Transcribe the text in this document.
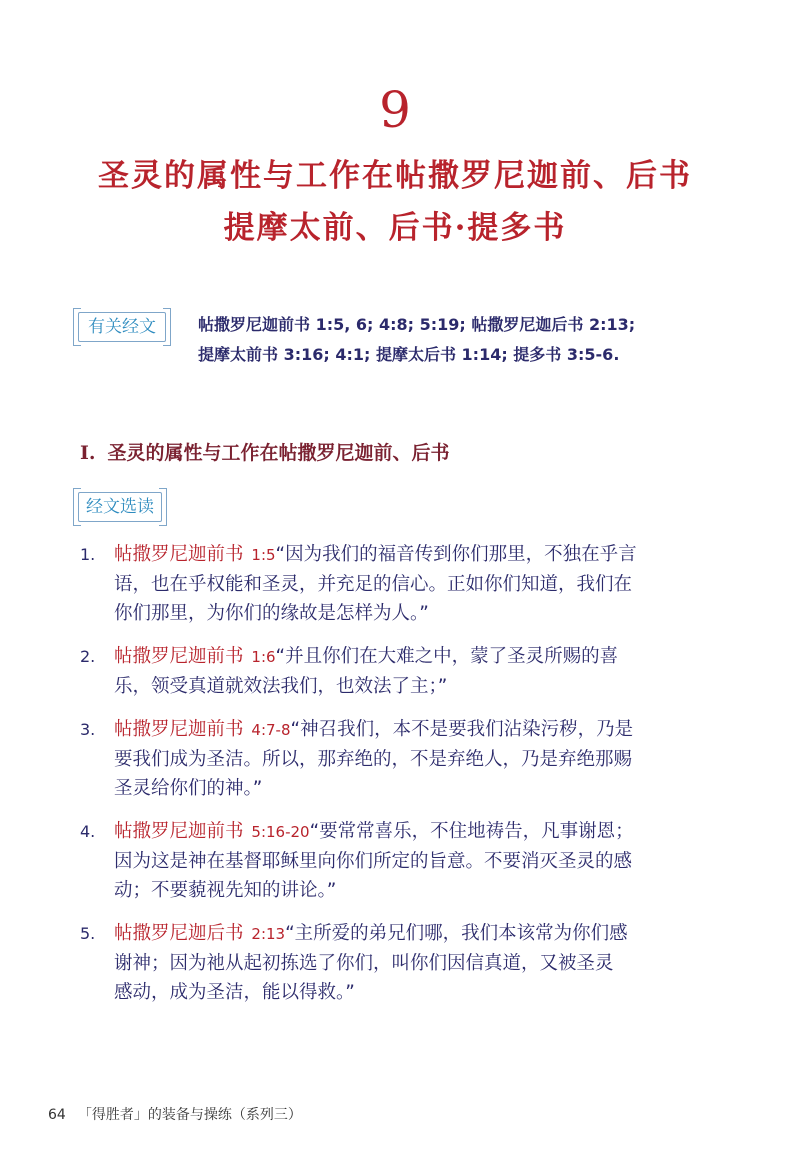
9
圣灵的属性与工作在帖撒罗尼迦前、后书
提摩太前、后书·提多书
有关经文	帖撒罗尼迦前书 1:5, 6; 4:8; 5:19; 帖撒罗尼迦后书 2:13;
提摩太前书 3:16; 4:1; 提摩太后书 1:14; 提多书 3:5-6.
I. 圣灵的属性与工作在帖撒罗尼迦前、后书
经文选读
1. 帖撒罗尼迦前书 1:5“因为我们的福音传到你们那里，不独在乎言
语，也在乎权能和圣灵，并充足的信心。正如你们知道，我们在
你们那里，为你们的缘故是怎样为人。”
2. 帖撒罗尼迦前书 1:6“并且你们在大难之中，蒙了圣灵所赐的喜
乐，领受真道就效法我们，也效法了主；”
3. 帖撒罗尼迦前书 4:7-8“神召我们，本不是要我们沾染污秽，乃是
要我们成为圣洁。所以，那弃绝的，不是弃绝人，乃是弃绝那赐
圣灵给你们的神。”
4. 帖撒罗尼迦前书 5:16-20“要常常喜乐，不住地祷告，凡事谢恩；
因为这是神在基督耶稣里向你们所定的旨意。不要消灭圣灵的感
动；不要藐视先知的讲论。”
5. 帖撒罗尼迦后书 2:13“主所爱的弟兄们哪，我们本该常为你们感
谢神；因为祂从起初拣选了你们，叫你们因信真道，又被圣灵
感动，成为圣洁，能以得救。”
64 「得胜者」的装备与操练（系列三）
